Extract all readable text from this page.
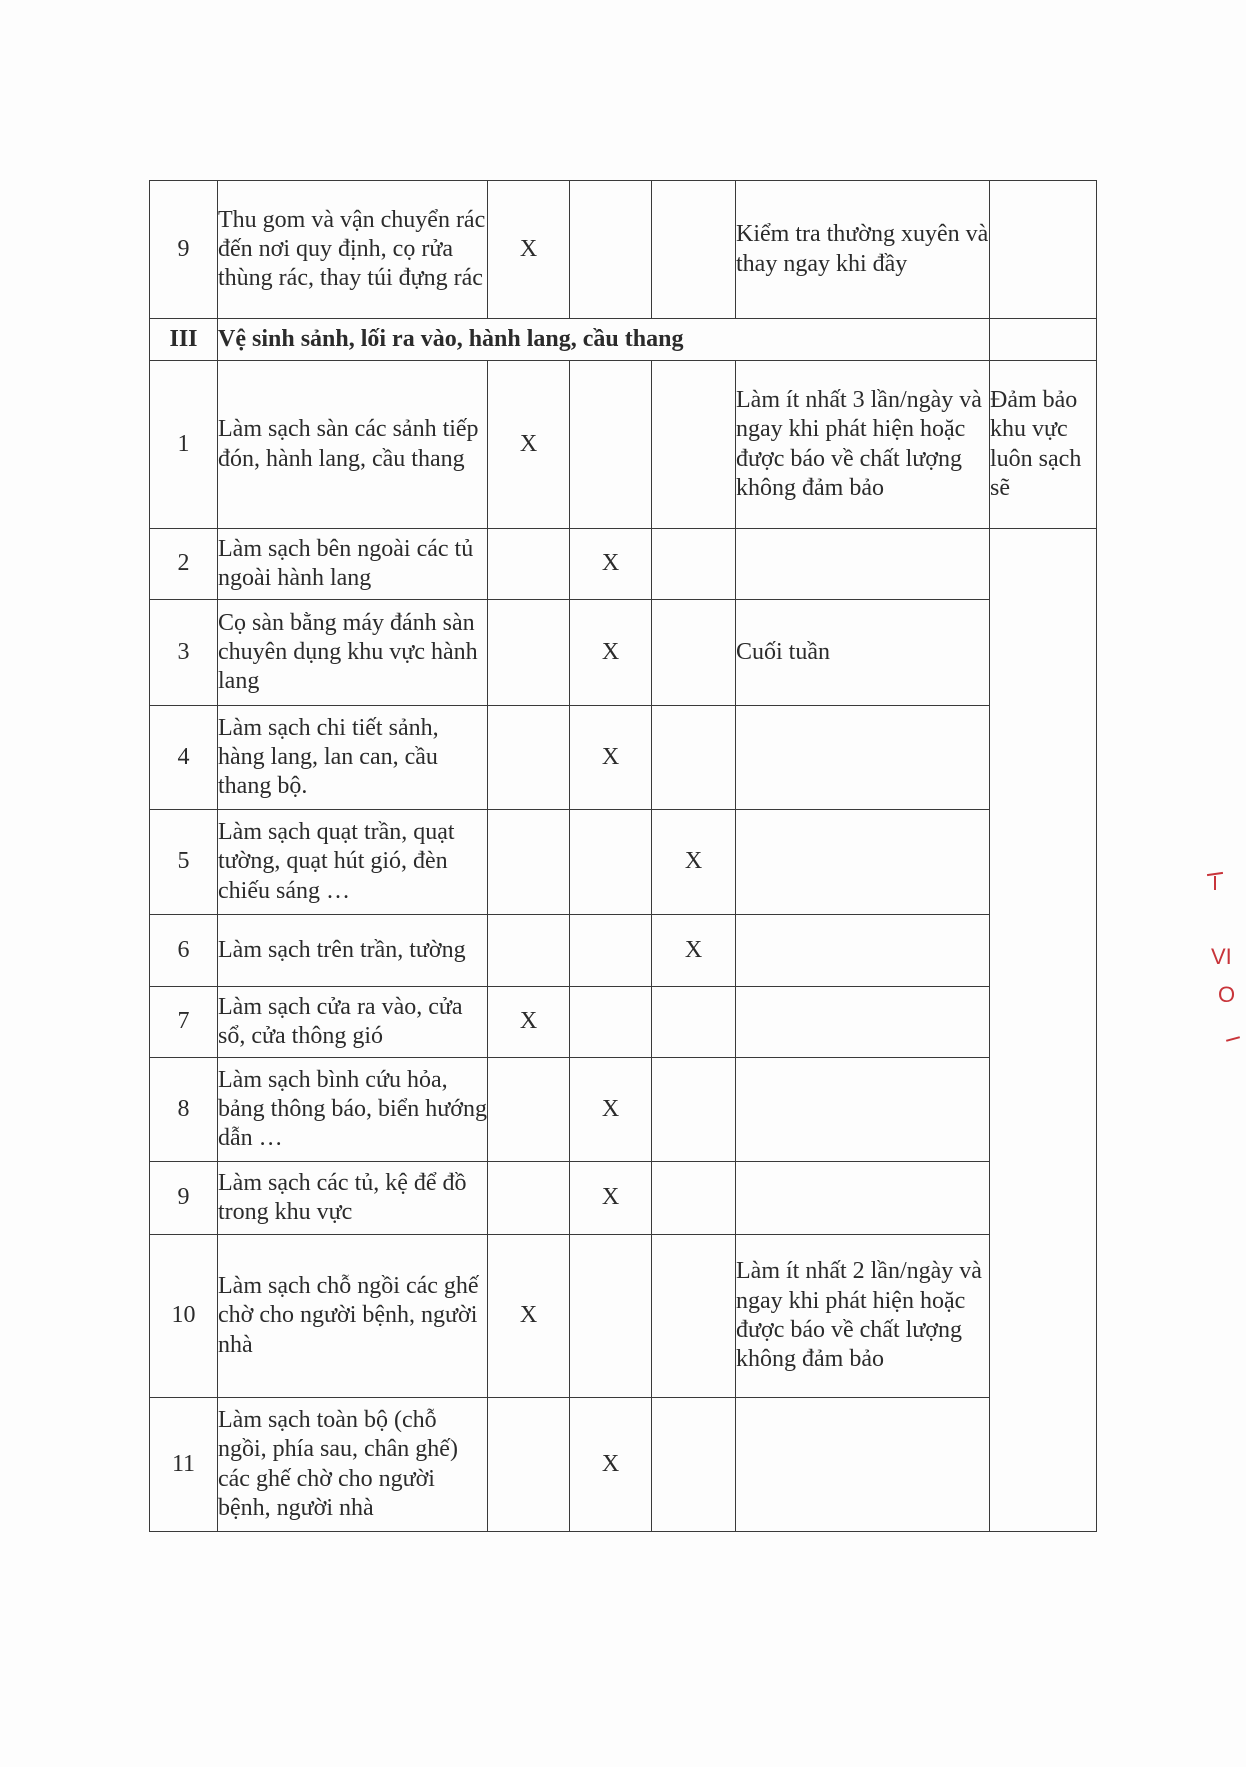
9	Thu gom và vận chuyển rác đến nơi quy định, cọ rửa thùng rác, thay túi đựng rác	X			Kiểm tra thường xuyên và thay ngay khi đầy		
III	Vệ sinh sảnh, lối ra vào, hành lang, cầu thang						
1	Làm sạch sàn các sảnh tiếp đón, hành lang, cầu thang	X			Làm ít nhất 3 lần/ngày và ngay khi phát hiện hoặc được báo về chất lượng không đảm bảo	Đảm bảo khu vực luôn sạch sẽ	
2	Làm sạch bên ngoài các tủ ngoài hành lang		X				
3	Cọ sàn bằng máy đánh sàn chuyên dụng khu vực hành lang		X		Cuối tuần		
4	Làm sạch chi tiết sảnh, hàng lang, lan can, cầu thang bộ.		X				
5	Làm sạch quạt trần, quạt tường, quạt hút gió, đèn chiếu sáng …			X			
6	Làm sạch trên trần, tường			X			
7	Làm sạch cửa ra vào, cửa sổ, cửa thông gió	X					
8	Làm sạch bình cứu hỏa, bảng thông báo, biển hướng dẫn …		X				
9	Làm sạch các tủ, kệ để đồ trong khu vực		X				
10	Làm sạch chỗ ngồi các ghế chờ cho người bệnh, người nhà	X			Làm ít nhất 2 lần/ngày và ngay khi phát hiện hoặc được báo về chất lượng không đảm bảo		
11	Làm sạch toàn bộ (chỗ ngồi, phía sau, chân ghế) các ghế chờ cho người bệnh, người nhà		X				
VI
O
